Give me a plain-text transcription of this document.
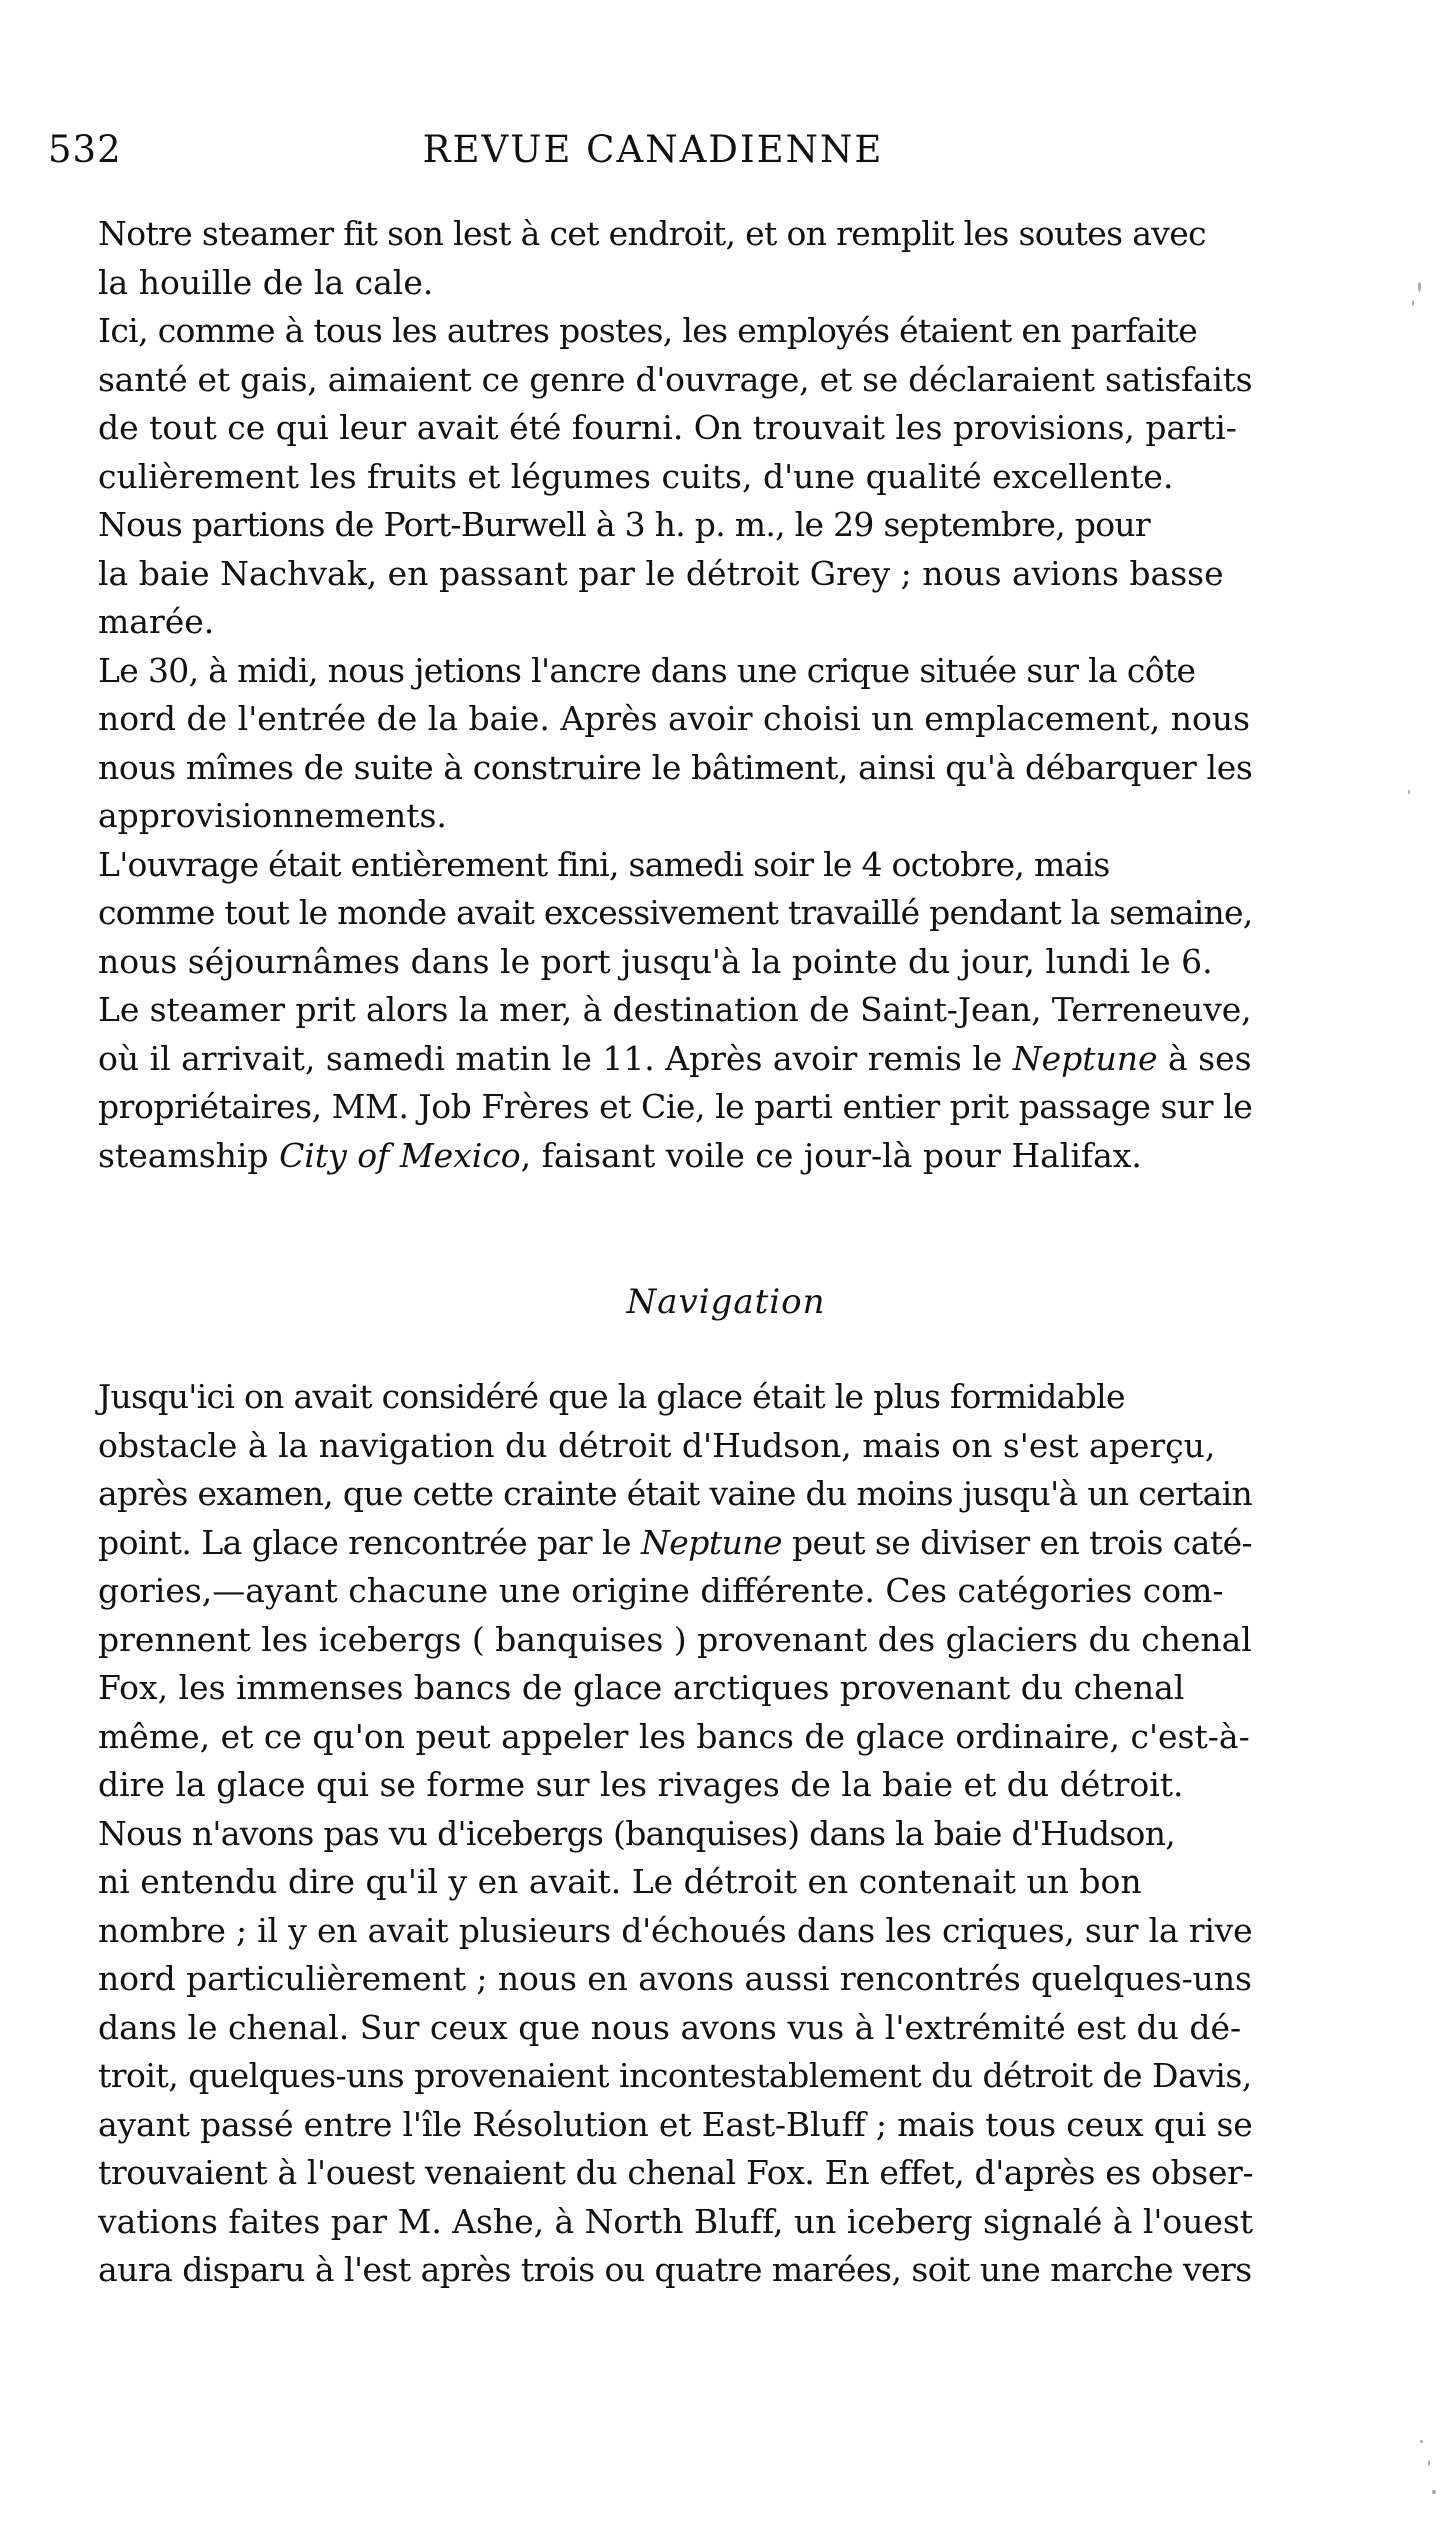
532	REVUE CANADIENNE

Notre steamer fit son lest à cet endroit, et on remplit les soutes avec
la houille de la cale.

Ici, comme à tous les autres postes, les employés étaient en parfaite
santé et gais, aimaient ce genre d'ouvrage, et se déclaraient satisfaits
de tout ce qui leur avait été fourni. On trouvait les provisions, parti-
culièrement les fruits et légumes cuits, d'une qualité excellente.

Nous partions de Port-Burwell à 3 h. p. m., le 29 septembre, pour
la baie Nachvak, en passant par le détroit Grey ; nous avions basse
marée.

Le 30, à midi, nous jetions l'ancre dans une crique située sur la côte
nord de l'entrée de la baie. Après avoir choisi un emplacement, nous
nous mîmes de suite à construire le bâtiment, ainsi qu'à débarquer les
approvisionnements.

L'ouvrage était entièrement fini, samedi soir le 4 octobre, mais
comme tout le monde avait excessivement travaillé pendant la semaine,
nous séjournâmes dans le port jusqu'à la pointe du jour, lundi le 6.
Le steamer prit alors la mer, à destination de Saint-Jean, Terreneuve,
où il arrivait, samedi matin le 11. Après avoir remis le Neptune à ses
propriétaires, MM. Job Frères et Cie, le parti entier prit passage sur le
steamship City of Mexico, faisant voile ce jour-là pour Halifax.

Navigation

Jusqu'ici on avait considéré que la glace était le plus formidable
obstacle à la navigation du détroit d'Hudson, mais on s'est aperçu,
après examen, que cette crainte était vaine du moins jusqu'à un certain
point. La glace rencontrée par le Neptune peut se diviser en trois caté-
gories,—ayant chacune une origine différente. Ces catégories com-
prennent les icebergs ( banquises ) provenant des glaciers du chenal
Fox, les immenses bancs de glace arctiques provenant du chenal
même, et ce qu'on peut appeler les bancs de glace ordinaire, c'est-à-
dire la glace qui se forme sur les rivages de la baie et du détroit.

Nous n'avons pas vu d'icebergs (banquises) dans la baie d'Hudson,
ni entendu dire qu'il y en avait. Le détroit en contenait un bon
nombre ; il y en avait plusieurs d'échoués dans les criques, sur la rive
nord particulièrement ; nous en avons aussi rencontrés quelques-uns
dans le chenal. Sur ceux que nous avons vus à l'extrémité est du dé-
troit, quelques-uns provenaient incontestablement du détroit de Davis,
ayant passé entre l'île Résolution et East-Bluff ; mais tous ceux qui se
trouvaient à l'ouest venaient du chenal Fox. En effet, d'après es obser-
vations faites par M. Ashe, à North Bluff, un iceberg signalé à l'ouest
aura disparu à l'est après trois ou quatre marées, soit une marche vers
